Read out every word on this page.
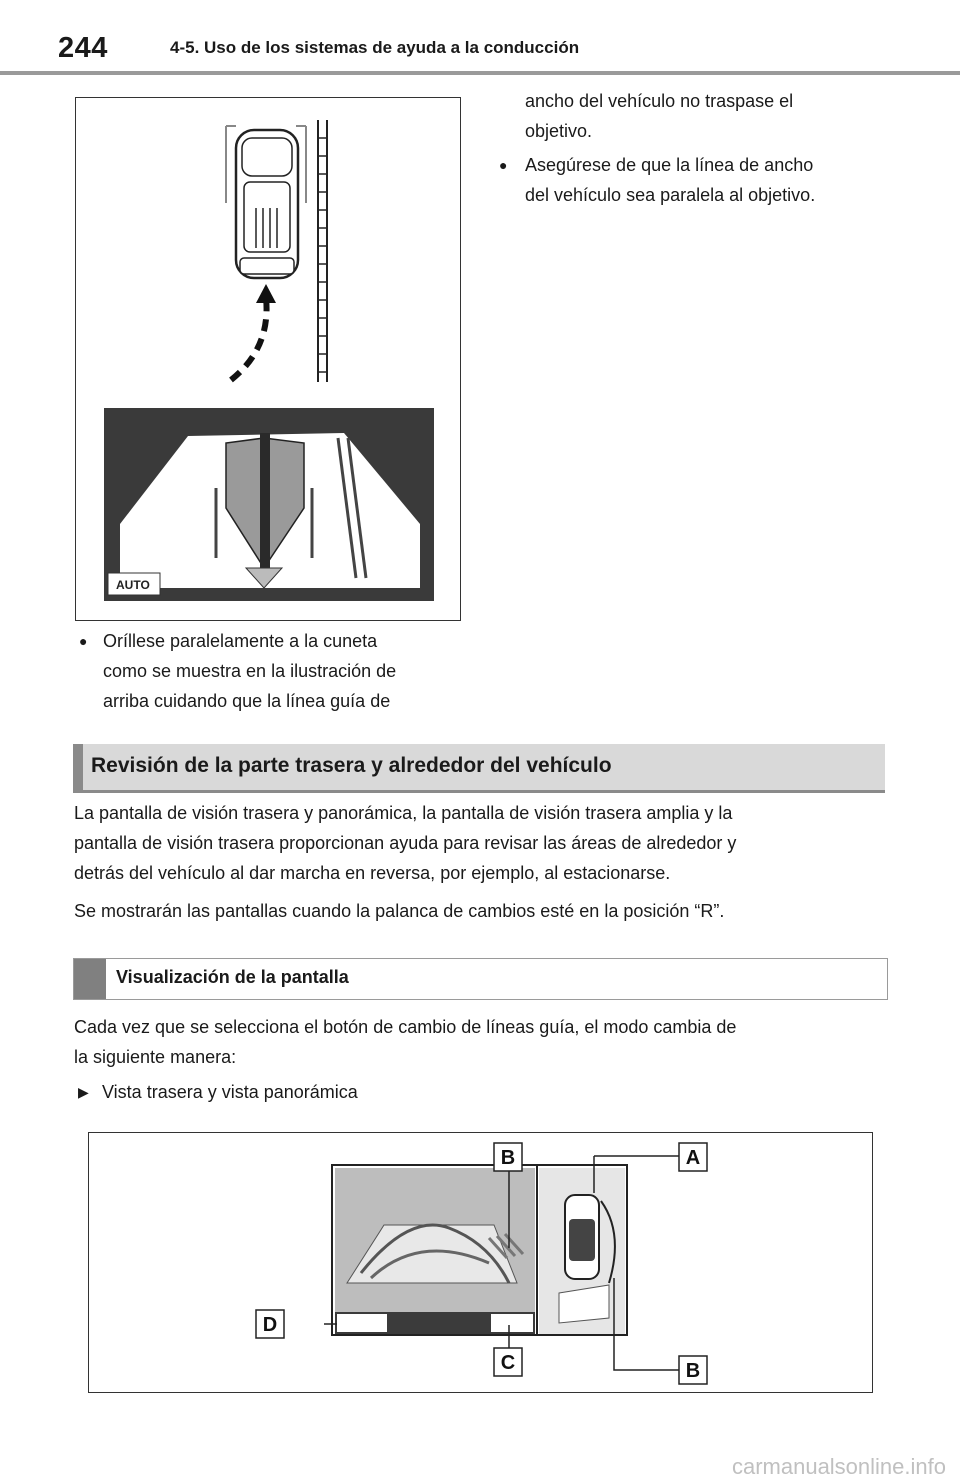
244	4-5. Uso de los sistemas de ayuda a la conducción
AUTO
● Oríllese paralelamente a la cuneta
como se muestra en la ilustración de
arriba cuidando que la línea guía de
ancho del vehículo no traspase el
objetivo.
● Asegúrese de que la línea de ancho
del vehículo sea paralela al objetivo.
Revisión de la parte trasera y alrededor del vehículo
La pantalla de visión trasera y panorámica, la pantalla de visión trasera amplia y la
pantalla de visión trasera proporcionan ayuda para revisar las áreas de alrededor y
detrás del vehículo al dar marcha en reversa, por ejemplo, al estacionarse.
Se mostrarán las pantallas cuando la palanca de cambios esté en la posición “R”.
Visualización de la pantalla
Cada vez que se selecciona el botón de cambio de líneas guía, el modo cambia de
la siguiente manera:
▶ Vista trasera y vista panorámica
B	A
D
C	B
carmanualsonline.info
